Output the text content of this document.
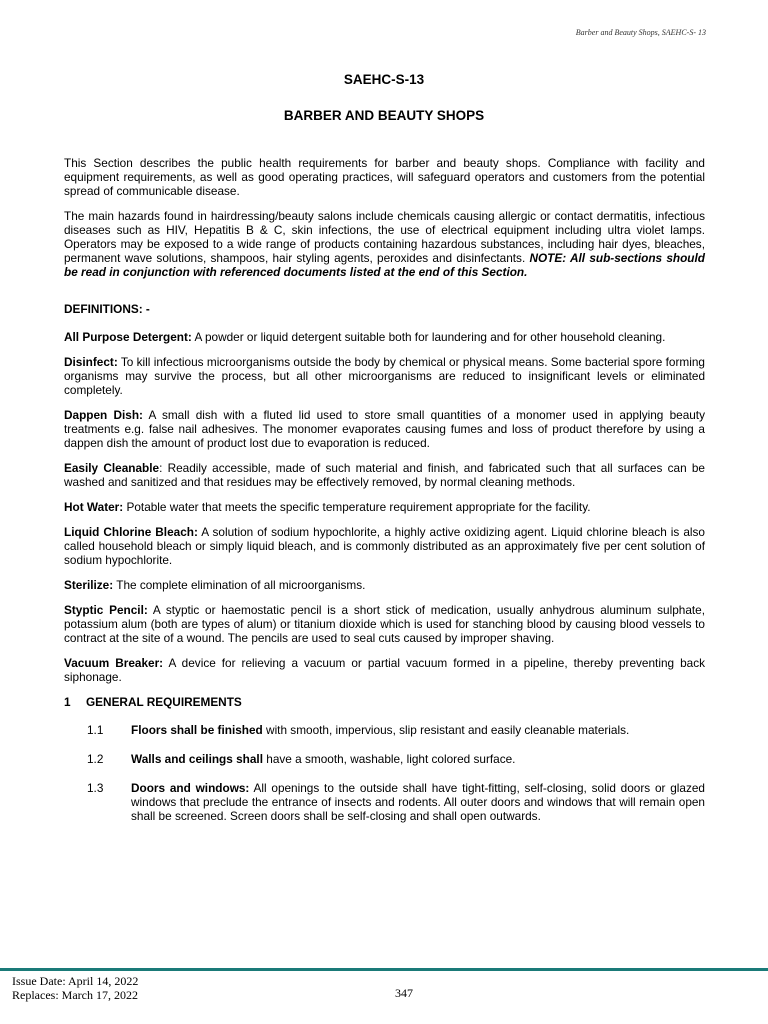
Barber and Beauty Shops, SAEHC-S- 13
SAEHC-S-13
BARBER AND BEAUTY SHOPS

This Section describes the public health requirements for barber and beauty shops. Compliance with facility and equipment requirements, as well as good operating practices, will safeguard operators and customers from the potential spread of communicable disease.

The main hazards found in hairdressing/beauty salons include chemicals causing allergic or contact dermatitis, infectious diseases such as HIV, Hepatitis B & C, skin infections, the use of electrical equipment including ultra violet lamps. Operators may be exposed to a wide range of products containing hazardous substances, including hair dyes, bleaches, permanent wave solutions, shampoos, hair styling agents, peroxides and disinfectants. NOTE: All sub-sections should be read in conjunction with referenced documents listed at the end of this Section.

DEFINITIONS: -

All Purpose Detergent: A powder or liquid detergent suitable both for laundering and for other household cleaning.

Disinfect: To kill infectious microorganisms outside the body by chemical or physical means. Some bacterial spore forming organisms may survive the process, but all other microorganisms are reduced to insignificant levels or eliminated completely.

Dappen Dish: A small dish with a fluted lid used to store small quantities of a monomer used in applying beauty treatments e.g. false nail adhesives. The monomer evaporates causing fumes and loss of product therefore by using a dappen dish the amount of product lost due to evaporation is reduced.

Easily Cleanable: Readily accessible, made of such material and finish, and fabricated such that all surfaces can be washed and sanitized and that residues may be effectively removed, by normal cleaning methods.

Hot Water: Potable water that meets the specific temperature requirement appropriate for the facility.

Liquid Chlorine Bleach: A solution of sodium hypochlorite, a highly active oxidizing agent. Liquid chlorine bleach is also called household bleach or simply liquid bleach, and is commonly distributed as an approximately five per cent solution of sodium hypochlorite.

Sterilize: The complete elimination of all microorganisms.

Styptic Pencil: A styptic or haemostatic pencil is a short stick of medication, usually anhydrous aluminum sulphate, potassium alum (both are types of alum) or titanium dioxide which is used for stanching blood by causing blood vessels to contract at the site of a wound. The pencils are used to seal cuts caused by improper shaving.

Vacuum Breaker: A device for relieving a vacuum or partial vacuum formed in a pipeline, thereby preventing back siphonage.

1 GENERAL REQUIREMENTS
1.1 Floors shall be finished with smooth, impervious, slip resistant and easily cleanable materials.
1.2 Walls and ceilings shall have a smooth, washable, light colored surface.
1.3 Doors and windows: All openings to the outside shall have tight-fitting, self-closing, solid doors or glazed windows that preclude the entrance of insects and rodents. All outer doors and windows that will remain open shall be screened. Screen doors shall be self-closing and shall open outwards.
Issue Date: April 14, 2022
Replaces: March 17, 2022	347
